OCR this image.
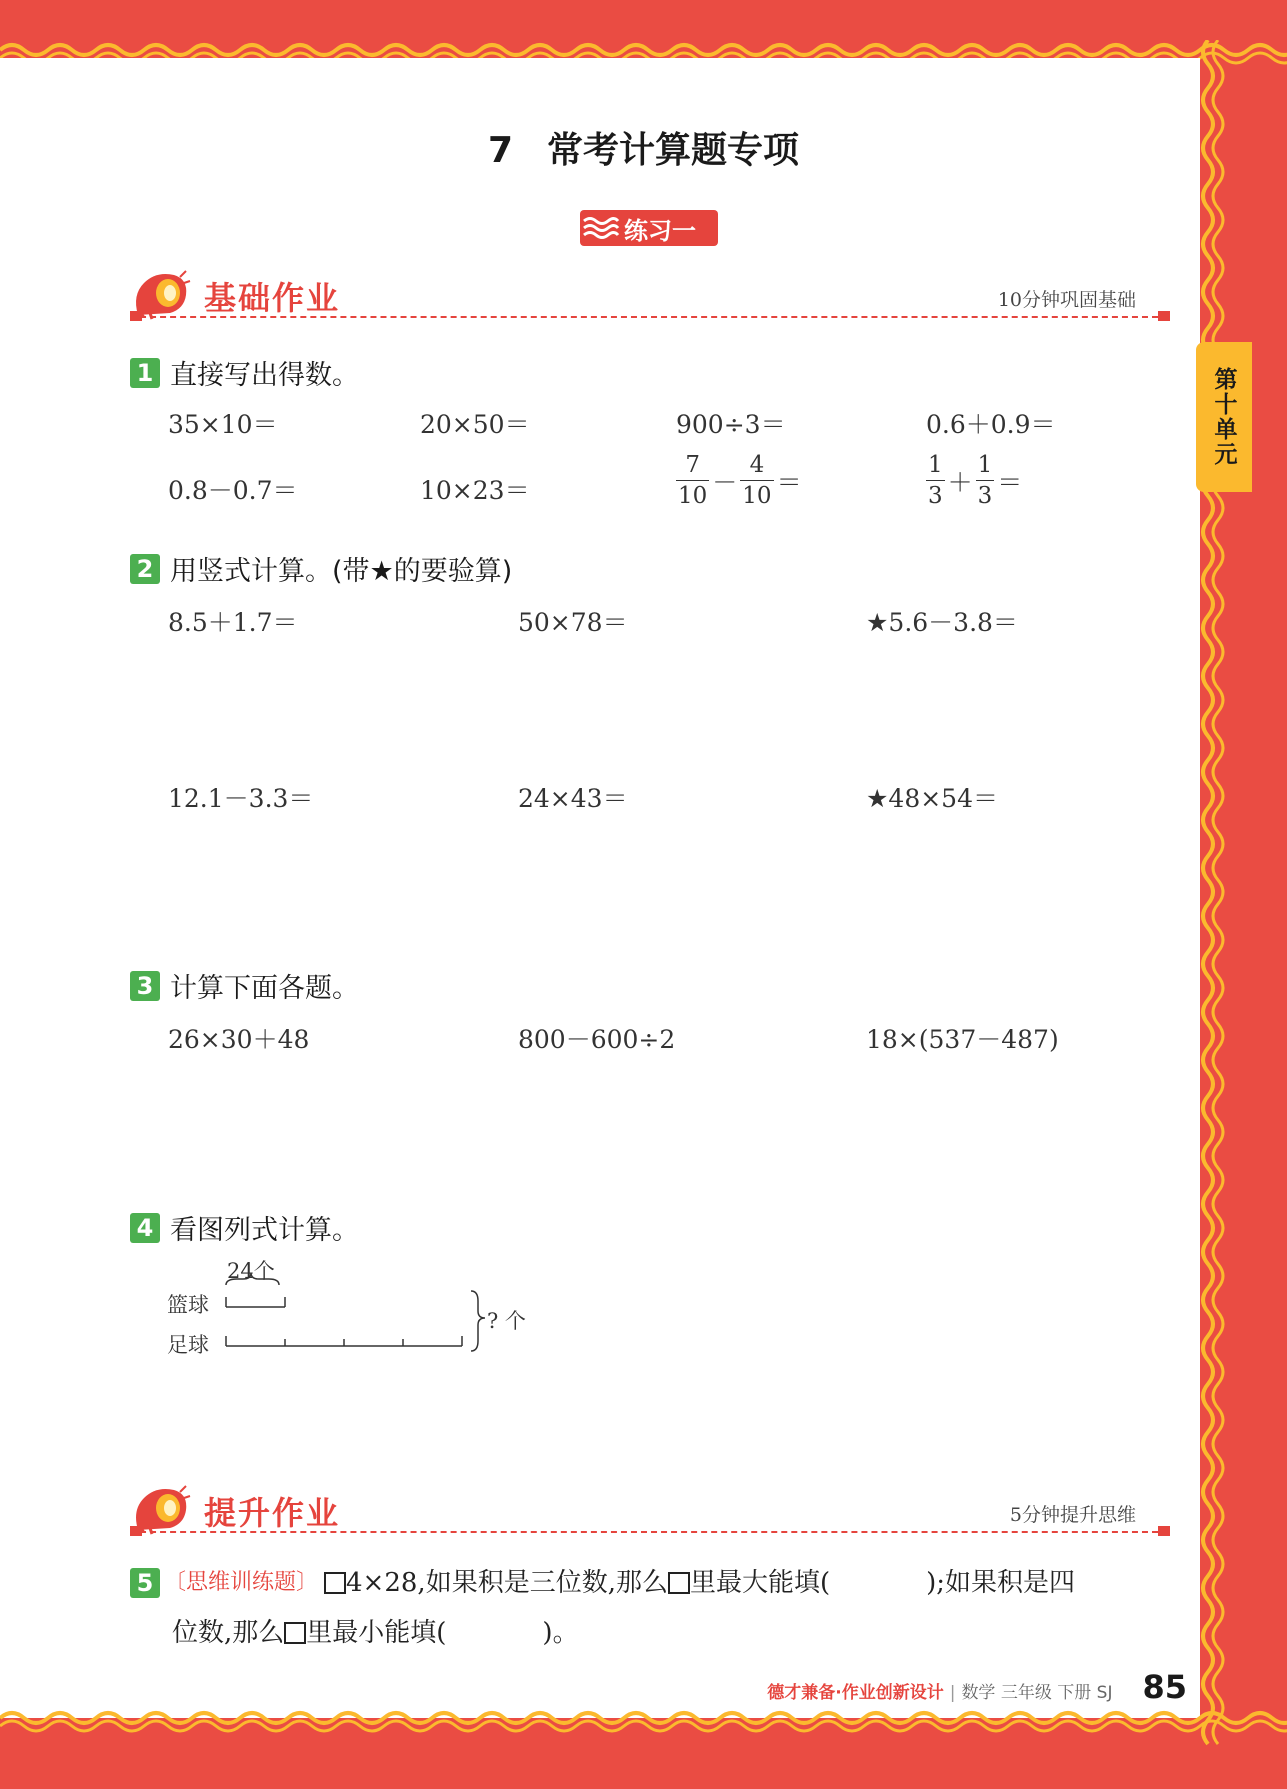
第十单元
7 常考计算题专项
练习一
基础作业	10分钟巩固基础
1 直接写出得数。
35×10＝	20×50＝	900÷3＝	0.6＋0.9＝
0.8－0.7＝	10×23＝	$\frac{7}{10} - \frac{4}{10}$ ＝	$\frac{1}{3} + \frac{1}{3}$ ＝
2 用竖式计算。(带★的要验算)
8.5＋1.7＝	50×78＝	★5.6－3.8＝
12.1－3.3＝	24×43＝	★48×54＝
3 计算下面各题。
26×30＋48	800－600÷2	18×(537－487)
4 看图列式计算。
24个
篮球
足球
? 个
提升作业	5分钟提升思维
5 〔思维训练题〕 4×28,如果积是三位数,那么 里最大能填(	);如果积是四
位数,那么 里最小能填(	)。
德才兼备·作业创新设计 | 数学 三年级 下册 SJ 85
